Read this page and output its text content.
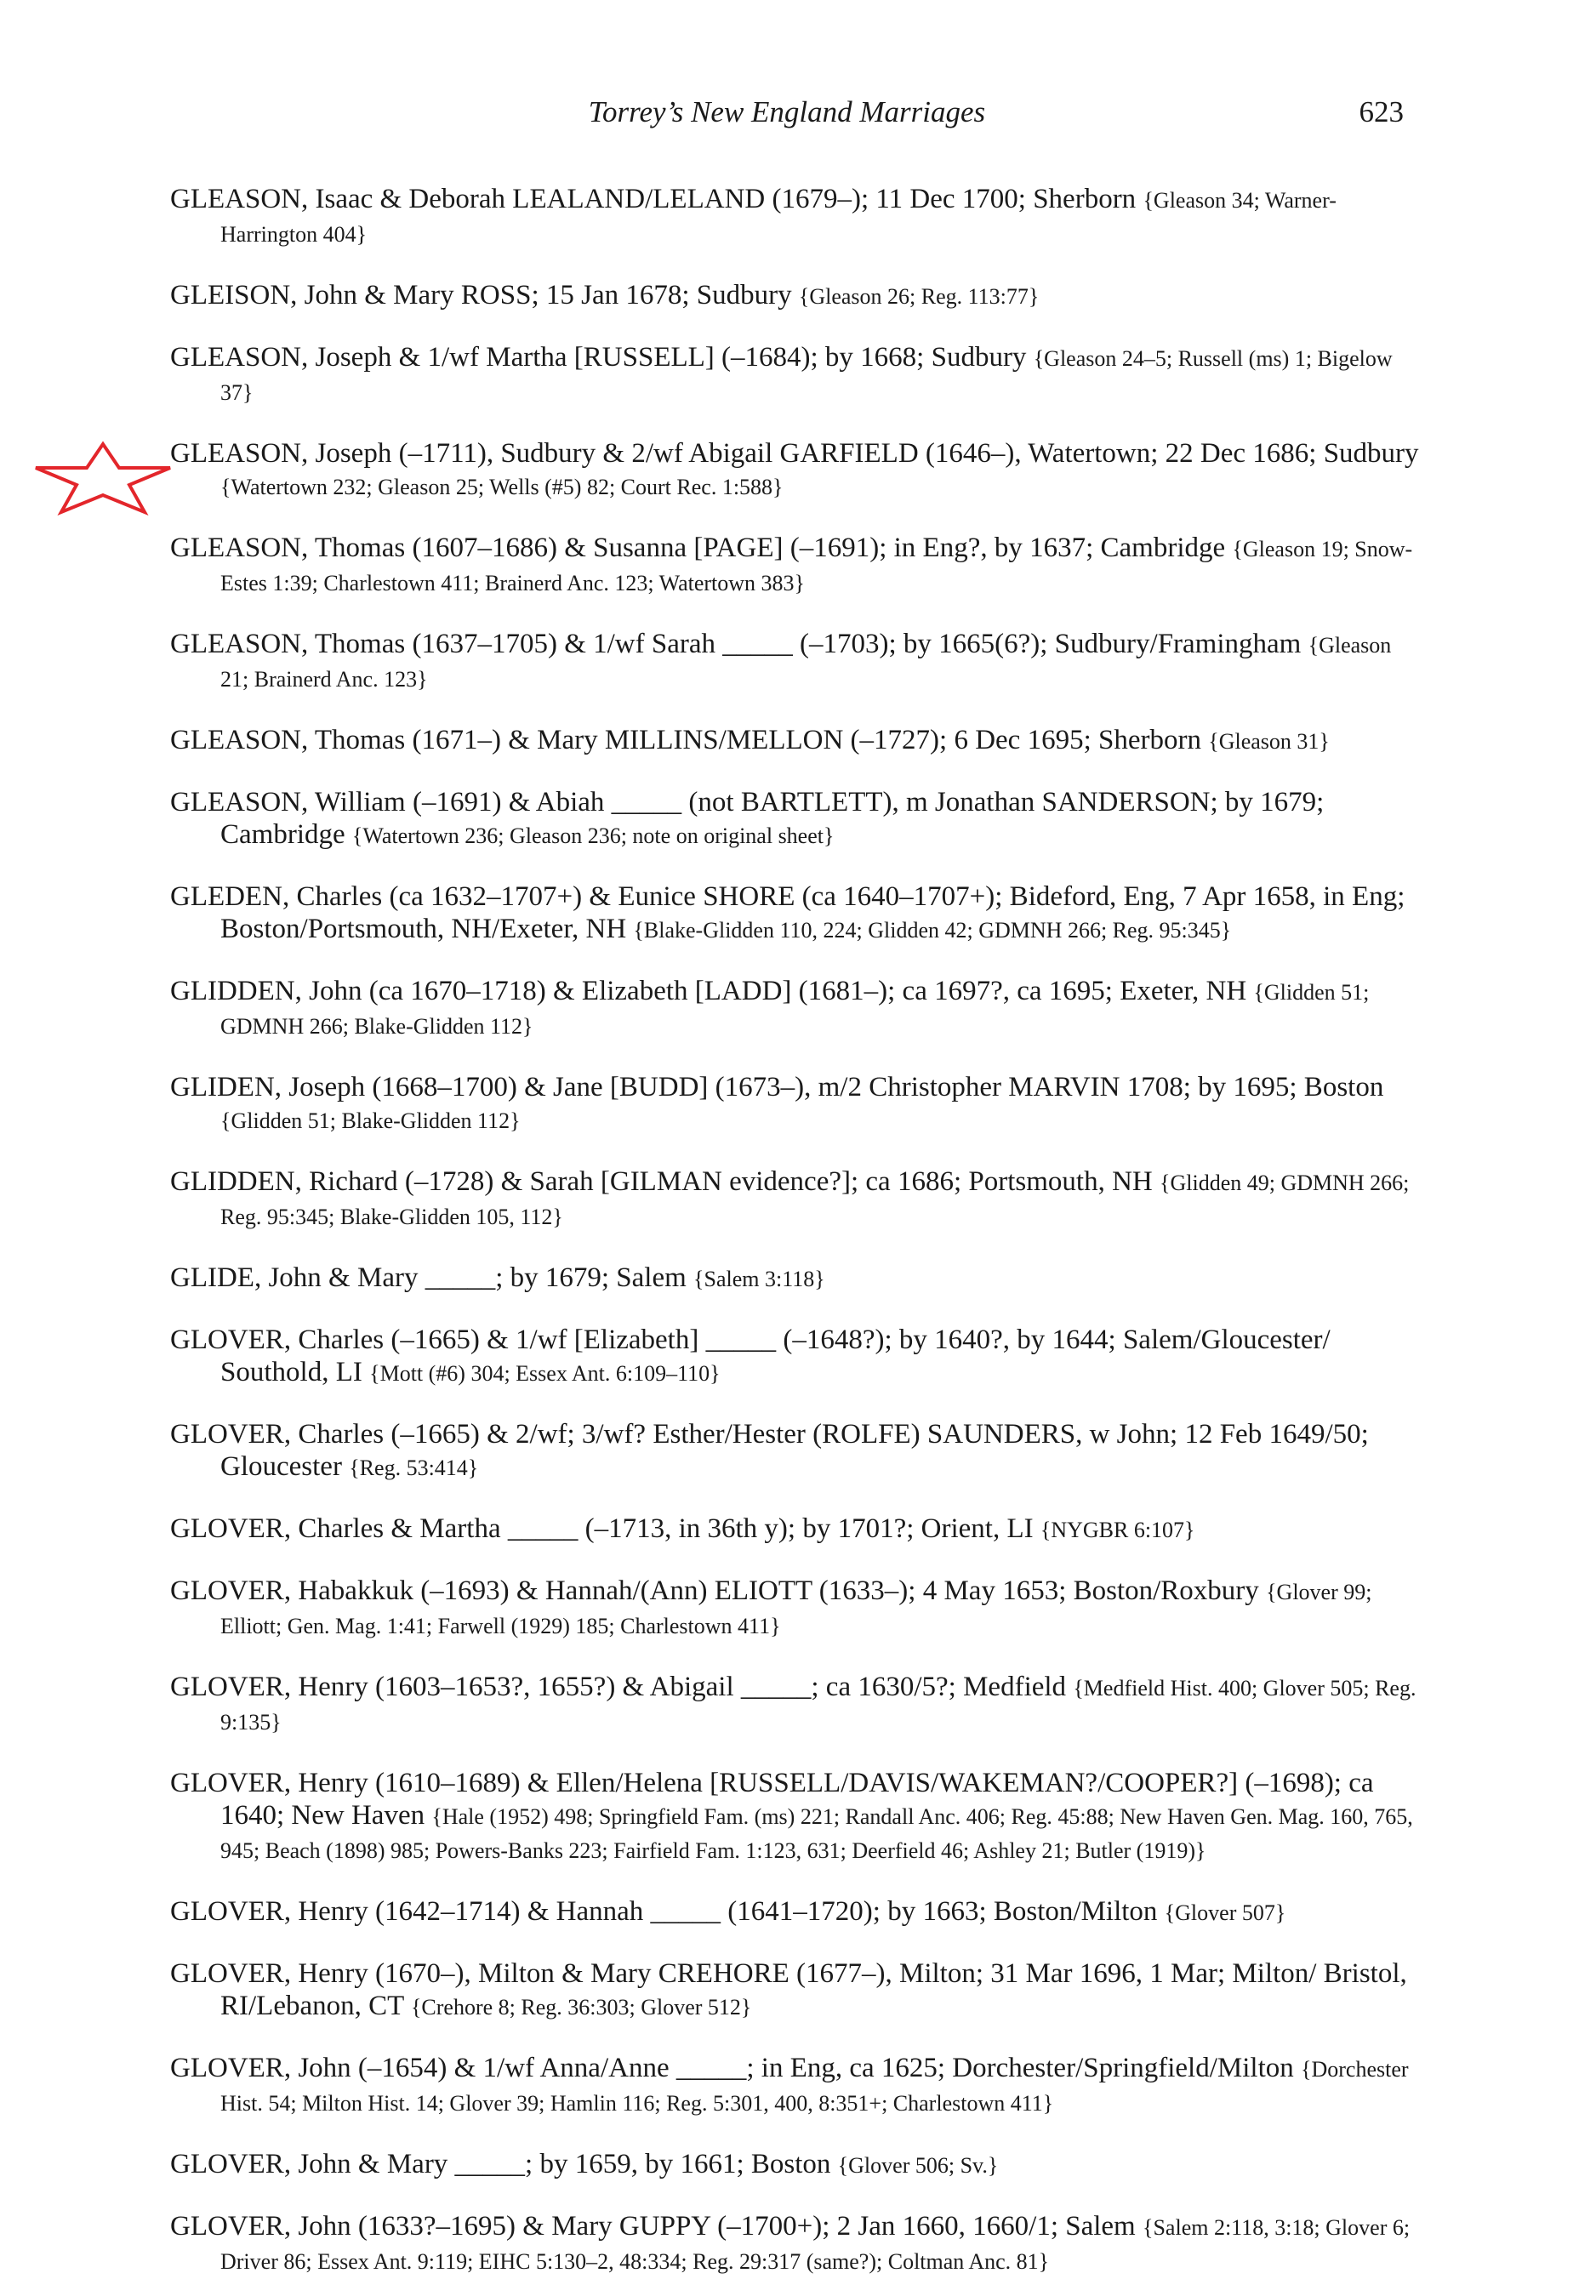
Torrey’s New England Marriages	623

GLEASON, Isaac & Deborah LEALAND/LELAND (1679–); 11 Dec 1700; Sherborn {Gleason 34; Warner-Harrington 404}

GLEISON, John & Mary ROSS; 15 Jan 1678; Sudbury {Gleason 26; Reg. 113:77}

GLEASON, Joseph & 1/wf Martha [RUSSELL] (–1684); by 1668; Sudbury {Gleason 24–5; Russell (ms) 1; Bigelow 37}

GLEASON, Joseph (–1711), Sudbury & 2/wf Abigail GARFIELD (1646–), Watertown; 22 Dec 1686; Sudbury {Watertown 232; Gleason 25; Wells (#5) 82; Court Rec. 1:588}

GLEASON, Thomas (1607–1686) & Susanna [PAGE] (–1691); in Eng?, by 1637; Cambridge {Gleason 19; Snow-Estes 1:39; Charlestown 411; Brainerd Anc. 123; Watertown 383}

GLEASON, Thomas (1637–1705) & 1/wf Sarah _____ (–1703); by 1665(6?); Sudbury/Framingham {Gleason 21; Brainerd Anc. 123}

GLEASON, Thomas (1671–) & Mary MILLINS/MELLON (–1727); 6 Dec 1695; Sherborn {Gleason 31}

GLEASON, William (–1691) & Abiah _____ (not BARTLETT), m Jonathan SANDERSON; by 1679; Cambridge {Watertown 236; Gleason 236; note on original sheet}

GLEDEN, Charles (ca 1632–1707+) & Eunice SHORE (ca 1640–1707+); Bideford, Eng, 7 Apr 1658, in Eng; Boston/Portsmouth, NH/Exeter, NH {Blake-Glidden 110, 224; Glidden 42; GDMNH 266; Reg. 95:345}

GLIDDEN, John (ca 1670–1718) & Elizabeth [LADD] (1681–); ca 1697?, ca 1695; Exeter, NH {Glidden 51; GDMNH 266; Blake-Glidden 112}

GLIDEN, Joseph (1668–1700) & Jane [BUDD] (1673–), m/2 Christopher MARVIN 1708; by 1695; Boston {Glidden 51; Blake-Glidden 112}

GLIDDEN, Richard (–1728) & Sarah [GILMAN evidence?]; ca 1686; Portsmouth, NH {Glidden 49; GDMNH 266; Reg. 95:345; Blake-Glidden 105, 112}

GLIDE, John & Mary _____; by 1679; Salem {Salem 3:118}

GLOVER, Charles (–1665) & 1/wf [Elizabeth] _____ (–1648?); by 1640?, by 1644; Salem/Gloucester/ Southold, LI {Mott (#6) 304; Essex Ant. 6:109–110}

GLOVER, Charles (–1665) & 2/wf; 3/wf? Esther/Hester (ROLFE) SAUNDERS, w John; 12 Feb 1649/50; Gloucester {Reg. 53:414}

GLOVER, Charles & Martha _____ (–1713, in 36th y); by 1701?; Orient, LI {NYGBR 6:107}

GLOVER, Habakkuk (–1693) & Hannah/(Ann) ELIOTT (1633–); 4 May 1653; Boston/Roxbury {Glover 99; Elliott; Gen. Mag. 1:41; Farwell (1929) 185; Charlestown 411}

GLOVER, Henry (1603–1653?, 1655?) & Abigail _____; ca 1630/5?; Medfield {Medfield Hist. 400; Glover 505; Reg. 9:135}

GLOVER, Henry (1610–1689) & Ellen/Helena [RUSSELL/DAVIS/WAKEMAN?/COOPER?] (–1698); ca 1640; New Haven {Hale (1952) 498; Springfield Fam. (ms) 221; Randall Anc. 406; Reg. 45:88; New Haven Gen. Mag. 160, 765, 945; Beach (1898) 985; Powers-Banks 223; Fairfield Fam. 1:123, 631; Deerfield 46; Ashley 21; Butler (1919)}

GLOVER, Henry (1642–1714) & Hannah _____ (1641–1720); by 1663; Boston/Milton {Glover 507}

GLOVER, Henry (1670–), Milton & Mary CREHORE (1677–), Milton; 31 Mar 1696, 1 Mar; Milton/ Bristol, RI/Lebanon, CT {Crehore 8; Reg. 36:303; Glover 512}

GLOVER, John (–1654) & 1/wf Anna/Anne _____; in Eng, ca 1625; Dorchester/Springfield/Milton {Dorchester Hist. 54; Milton Hist. 14; Glover 39; Hamlin 116; Reg. 5:301, 400, 8:351+; Charlestown 411}

GLOVER, John & Mary _____; by 1659, by 1661; Boston {Glover 506; Sv.}

GLOVER, John (1633?–1695) & Mary GUPPY (–1700+); 2 Jan 1660, 1660/1; Salem {Salem 2:118, 3:18; Glover 6; Driver 86; Essex Ant. 9:119; EIHC 5:130–2, 48:334; Reg. 29:317 (same?); Coltman Anc. 81}
